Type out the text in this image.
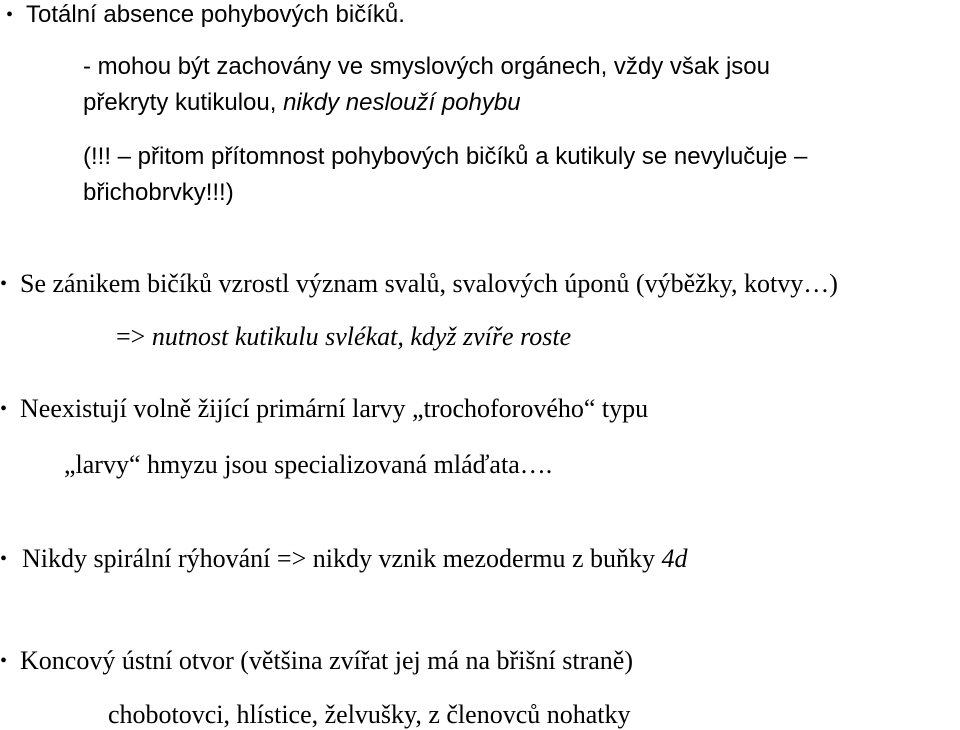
• Totální absence pohybových bičíků.
- mohou být zachovány ve smyslových orgánech, vždy však jsou
překryty kutikulou, nikdy neslouží pohybu
(!!! – přitom přítomnost pohybových bičíků a kutikuly se nevylučuje –
břichobrvky!!!)
• Se zánikem bičíků vzrostl význam svalů, svalových úponů (výběžky, kotvy…)
=> nutnost kutikulu svlékat, když zvíře roste
• Neexistují volně žijící primární larvy „trochoforového“ typu
„larvy“ hmyzu jsou specializovaná mláďata….
• Nikdy spirální rýhování => nikdy vznik mezodermu z buňky 4d
• Koncový ústní otvor (většina zvířat jej má na břišní straně)
chobotovci, hlístice, želvušky, z členovců nohatky
